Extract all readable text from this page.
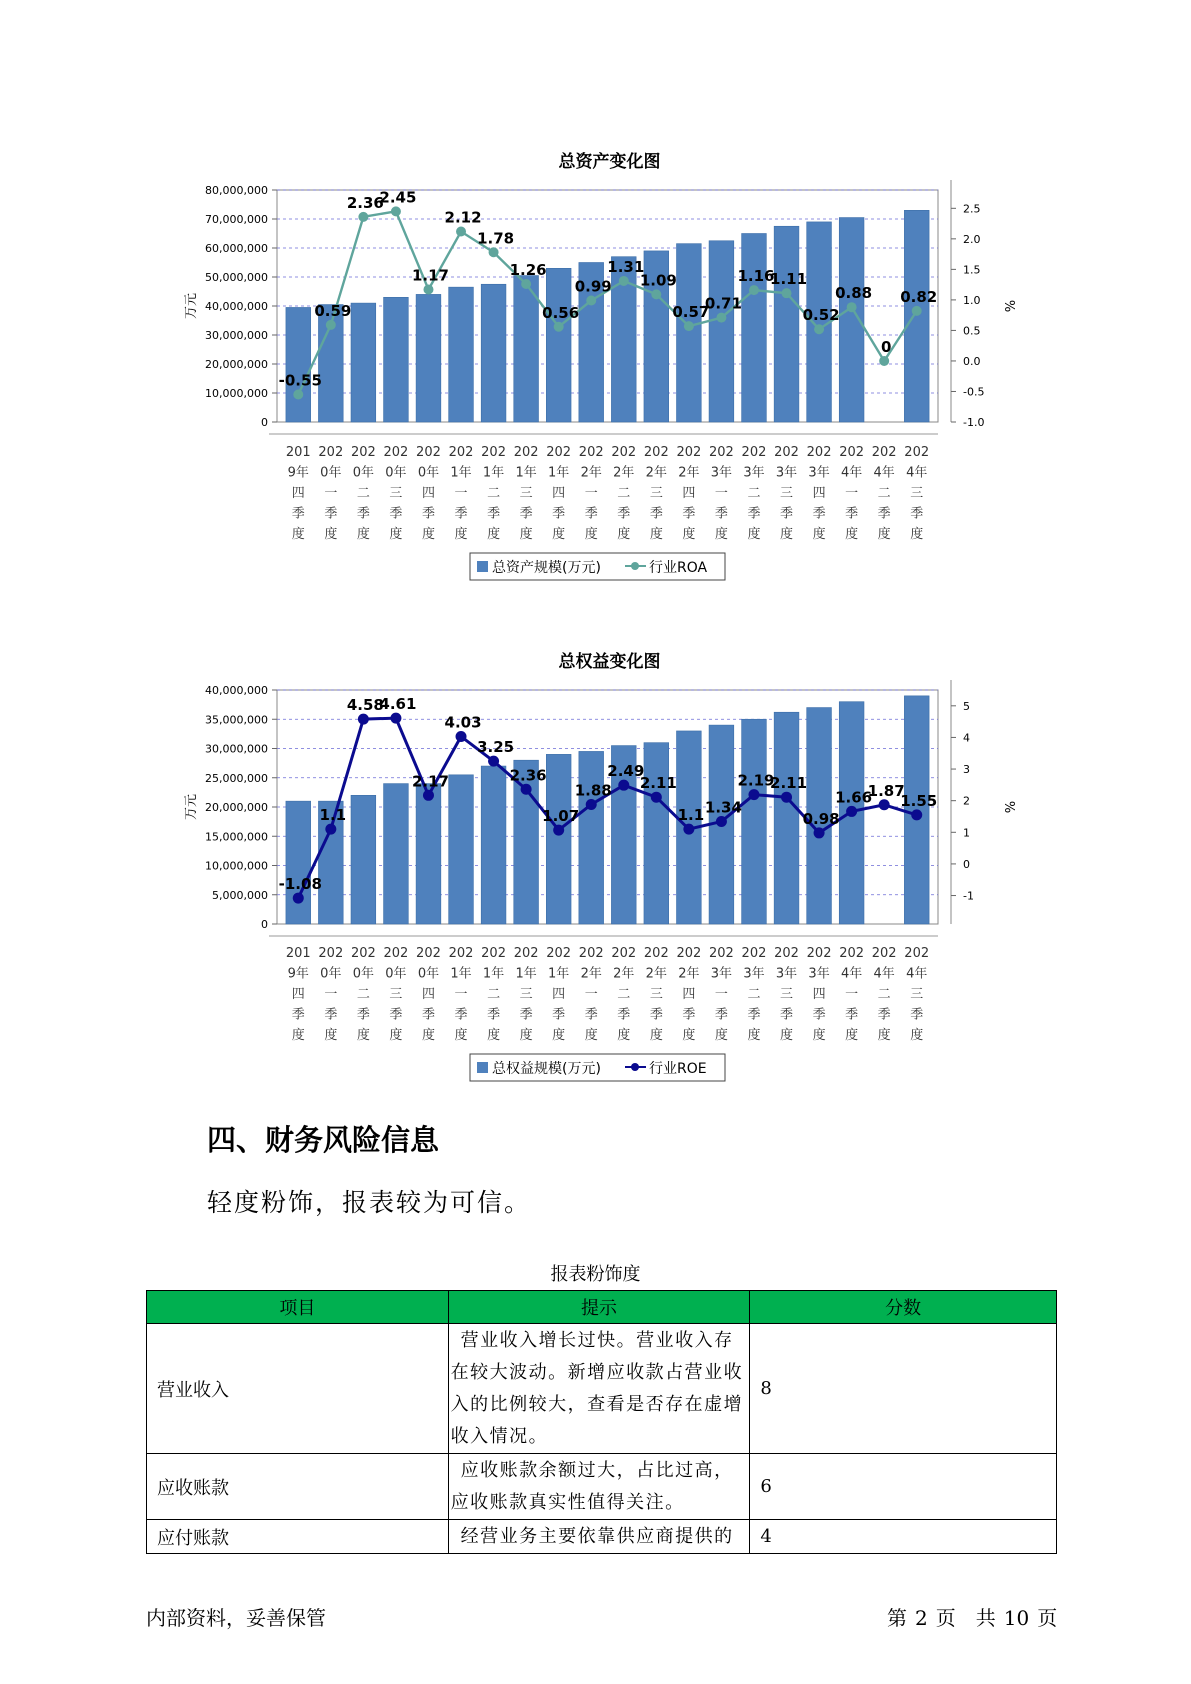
总资产变化图
0
10,000,000
20,000,000
30,000,000
40,000,000
50,000,000
60,000,000
70,000,000
80,000,000
万元
-1.0
-0.5
0.0
0.5
1.0
1.5
2.0
2.5
%
-0.55
0.59
2.36
2.45
1.17
2.12
1.78
1.26
0.56
0.99
1.31
1.09
0.57
0.71
1.16
1.11
0.52
0.88
0
0.82
201 9年四季度
202 0年一季度
202 0年二季度
202 0年三季度
202 0年四季度
202 1年一季度
202 1年二季度
202 1年三季度
202 1年四季度
202 2年一季度
202 2年二季度
202 2年三季度
202 2年四季度
202 3年一季度
202 3年二季度
202 3年三季度
202 3年四季度
202 4年一季度
202 4年二季度
202 4年三季度
总资产规模(万元)	行业ROA
总权益变化图
0
5,000,000
10,000,000
15,000,000
20,000,000
25,000,000
30,000,000
35,000,000
40,000,000
万元
-1
0
1
2
3
4
5
%
-1.08
1.1
4.58
4.61
2.17
4.03
3.25
2.36
1.07
1.88
2.49
2.11
1.1 1.34
2.19
2.11
0.98
1.66
1.87
1.55
201 9年四季度
202 0年一季度
202 0年二季度
202 0年三季度
202 0年四季度
202 1年一季度
202 1年二季度
202 1年三季度
202 1年四季度
202 2年一季度
202 2年二季度
202 2年三季度
202 2年四季度
202 3年一季度
202 3年二季度
202 3年三季度
202 3年四季度
202 4年一季度
202 4年二季度
202 4年三季度
总权益规模(万元)	行业ROE
四、财务风险信息

轻度粉饰，报表较为可信。

报表粉饰度
项目	提示	分数
营业收入	营业收入增长过快。营业收入存在较大波动。新增应收款占营业收入的比例较大，查看是否存在虚增收入情况。	8
应收账款	应收账款余额过大，占比过高，应收账款真实性值得关注。	6
应付账款	经营业务主要依靠供应商提供的	4
内部资料，妥善保管	第 2 页 共 10 页
